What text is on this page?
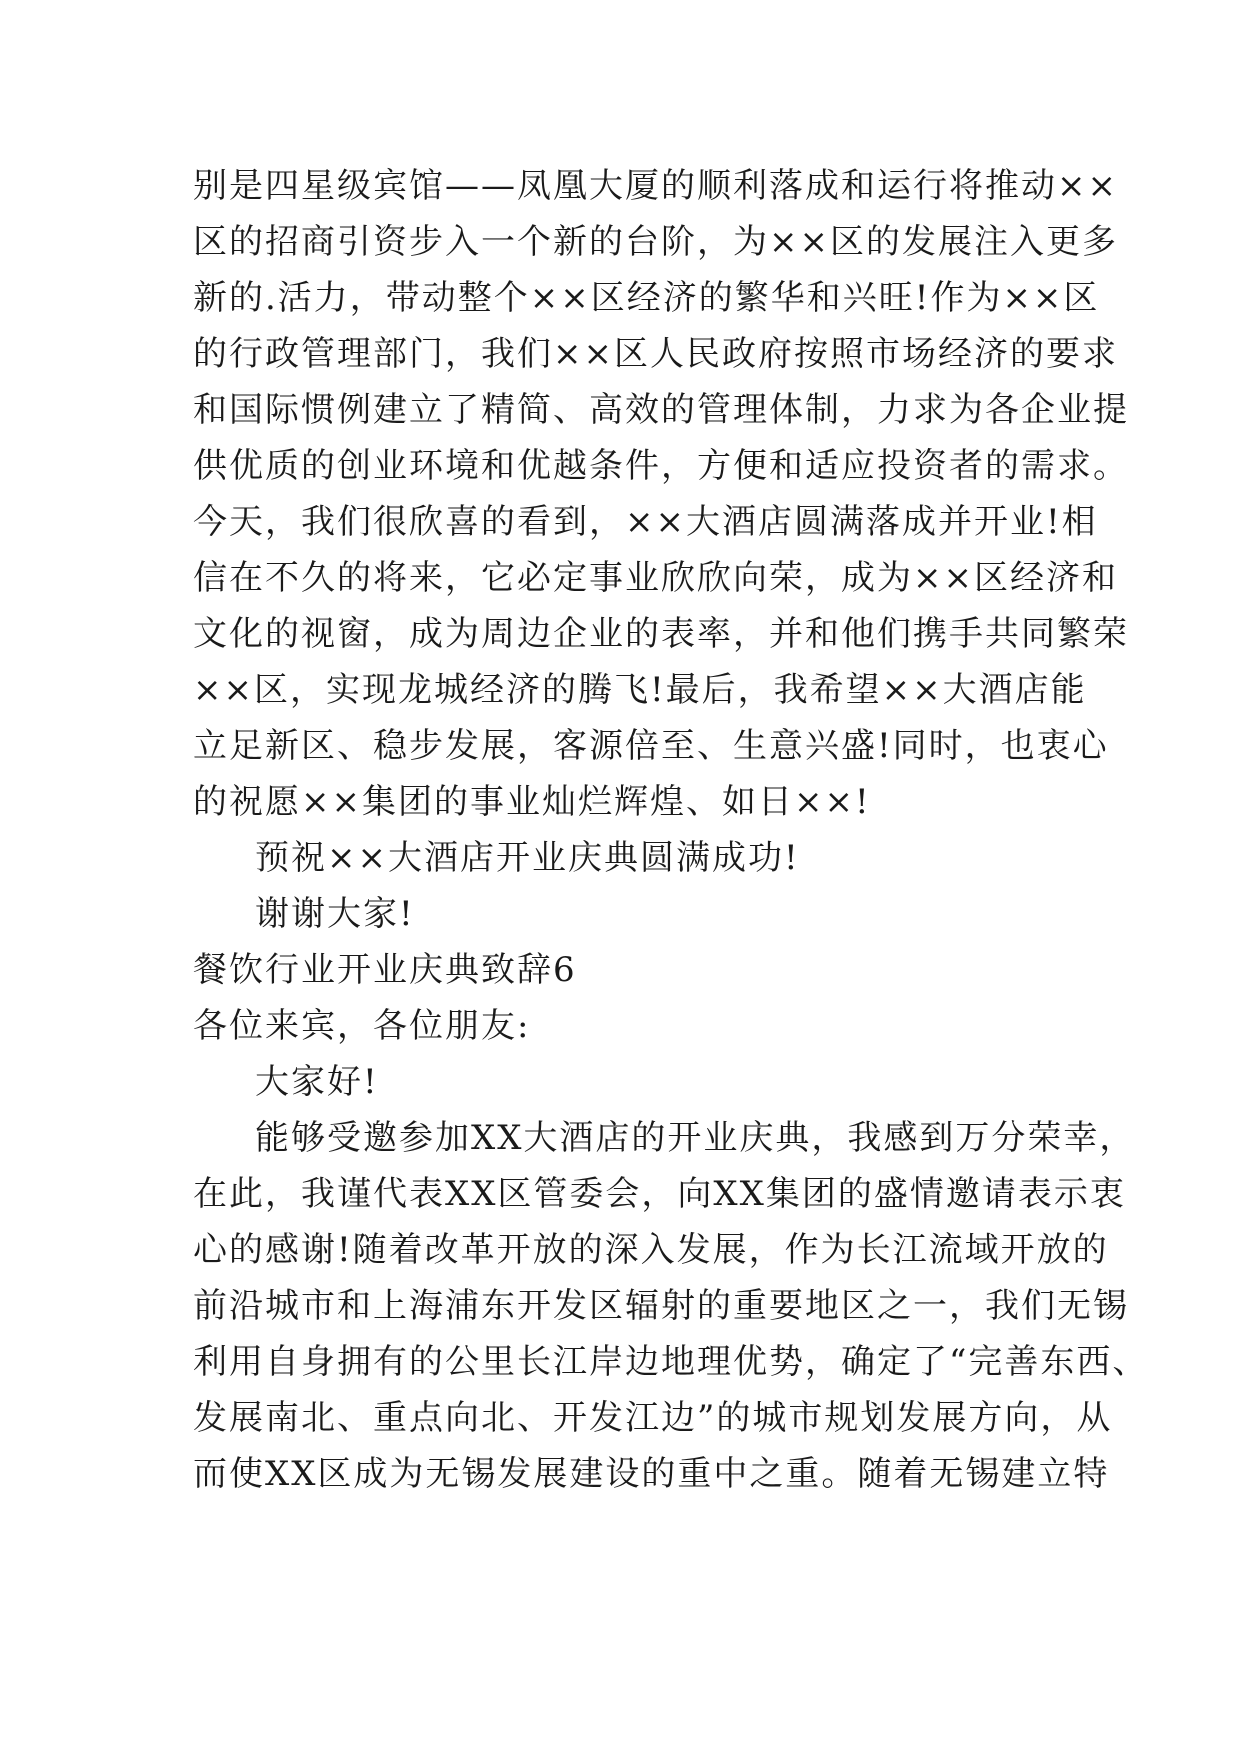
别是四星级宾馆——凤凰大厦的顺利落成和运行将推动××
区的招商引资步入一个新的台阶，为××区的发展注入更多
新的.活力，带动整个××区经济的繁华和兴旺!作为××区
的行政管理部门，我们××区人民政府按照市场经济的要求
和国际惯例建立了精简、高效的管理体制，力求为各企业提
供优质的创业环境和优越条件，方便和适应投资者的需求。
今天，我们很欣喜的看到，××大酒店圆满落成并开业!相
信在不久的将来，它必定事业欣欣向荣，成为××区经济和
文化的视窗，成为周边企业的表率，并和他们携手共同繁荣
××区，实现龙城经济的腾飞!最后，我希望××大酒店能
立足新区、稳步发展，客源倍至、生意兴盛!同时，也衷心
的祝愿××集团的事业灿烂辉煌、如日××!
预祝××大酒店开业庆典圆满成功!
谢谢大家!
餐饮行业开业庆典致辞6
各位来宾，各位朋友:
大家好!
能够受邀参加XX大酒店的开业庆典，我感到万分荣幸，
在此，我谨代表XX区管委会，向XX集团的盛情邀请表示衷
心的感谢!随着改革开放的深入发展，作为长江流域开放的
前沿城市和上海浦东开发区辐射的重要地区之一，我们无锡
利用自身拥有的公里长江岸边地理优势，确定了“完善东西、
发展南北、重点向北、开发江边”的城市规划发展方向，从
而使XX区成为无锡发展建设的重中之重。随着无锡建立特
